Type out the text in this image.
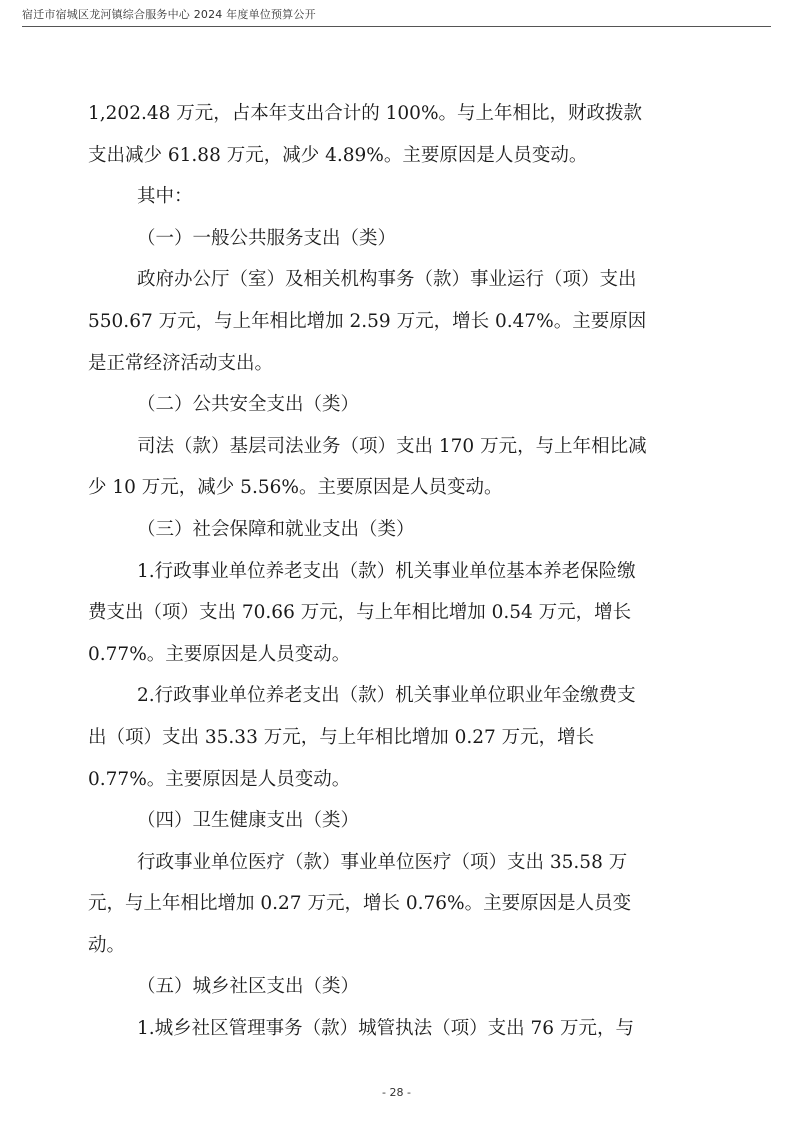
宿迁市宿城区龙河镇综合服务中心 2024 年度单位预算公开
1,202.48 万元，占本年支出合计的 100%。与上年相比，财政拨款
支出减少 61.88 万元，减少 4.89%。主要原因是人员变动。
其中：
（一）一般公共服务支出（类）
政府办公厅（室）及相关机构事务（款）事业运行（项）支出
550.67 万元，与上年相比增加 2.59 万元，增长 0.47%。主要原因
是正常经济活动支出。
（二）公共安全支出（类）
司法（款）基层司法业务（项）支出 170 万元，与上年相比减
少 10 万元，减少 5.56%。主要原因是人员变动。
（三）社会保障和就业支出（类）
1.行政事业单位养老支出（款）机关事业单位基本养老保险缴
费支出（项）支出 70.66 万元，与上年相比增加 0.54 万元，增长
0.77%。主要原因是人员变动。
2.行政事业单位养老支出（款）机关事业单位职业年金缴费支
出（项）支出 35.33 万元，与上年相比增加 0.27 万元，增长
0.77%。主要原因是人员变动。
（四）卫生健康支出（类）
行政事业单位医疗（款）事业单位医疗（项）支出 35.58 万
元，与上年相比增加 0.27 万元，增长 0.76%。主要原因是人员变
动。
（五）城乡社区支出（类）
1.城乡社区管理事务（款）城管执法（项）支出 76 万元，与
- 28 -
